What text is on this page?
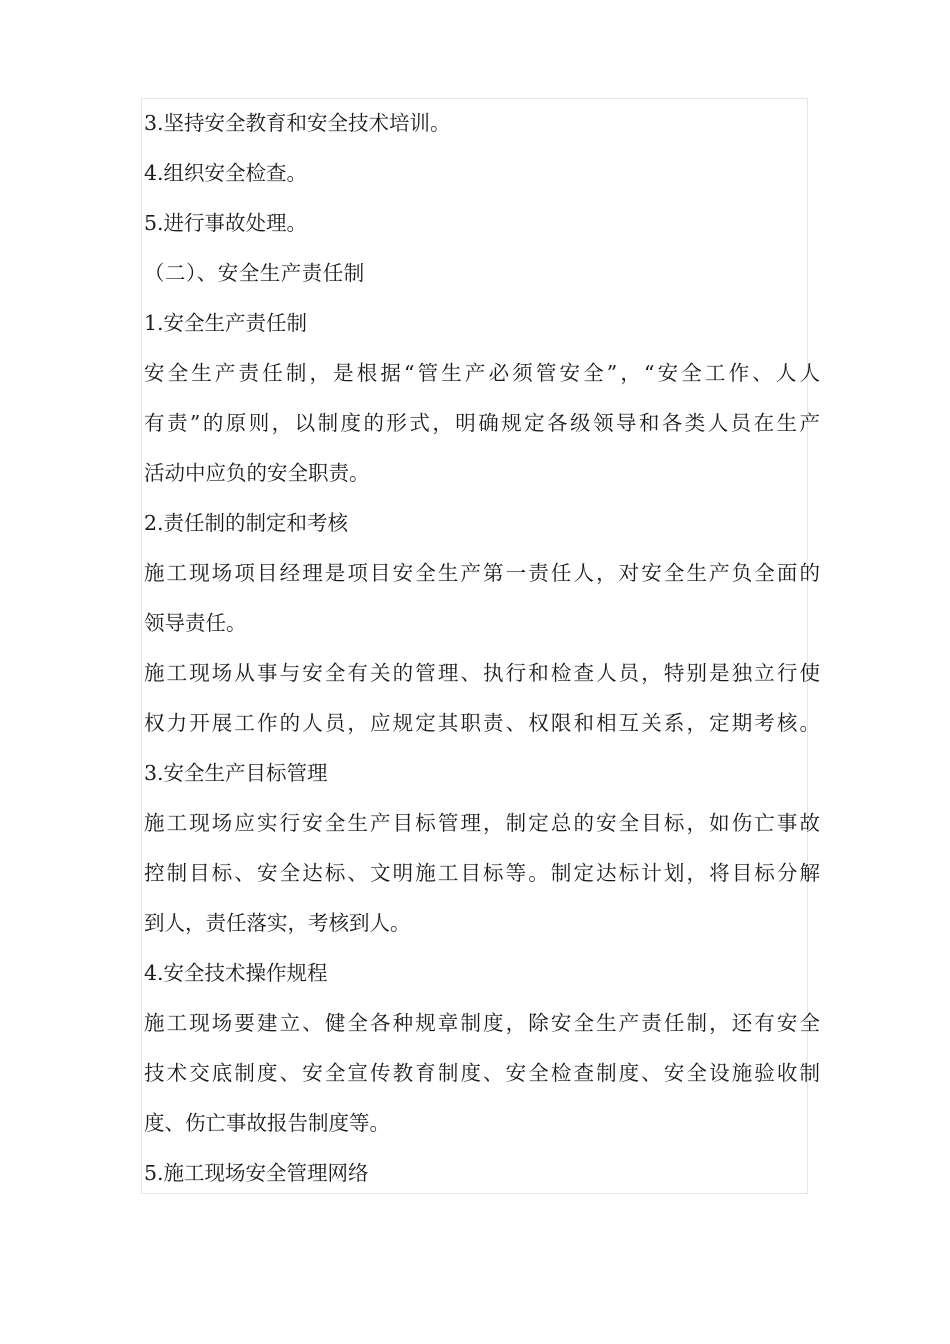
3.坚持安全教育和安全技术培训。
4.组织安全检查。
5.进行事故处理。
（二）、安全生产责任制
1.安全生产责任制
安全生产责任制，是根据“管生产必须管安全”，“安全工作、人人
有责”的原则，以制度的形式，明确规定各级领导和各类人员在生产
活动中应负的安全职责。
2.责任制的制定和考核
施工现场项目经理是项目安全生产第一责任人，对安全生产负全面的
领导责任。
施工现场从事与安全有关的管理、执行和检查人员，特别是独立行使
权力开展工作的人员，应规定其职责、权限和相互关系，定期考核。
3.安全生产目标管理
施工现场应实行安全生产目标管理，制定总的安全目标，如伤亡事故
控制目标、安全达标、文明施工目标等。制定达标计划，将目标分解
到人，责任落实，考核到人。
4.安全技术操作规程
施工现场要建立、健全各种规章制度，除安全生产责任制，还有安全
技术交底制度、安全宣传教育制度、安全检查制度、安全设施验收制
度、伤亡事故报告制度等。
5.施工现场安全管理网络
